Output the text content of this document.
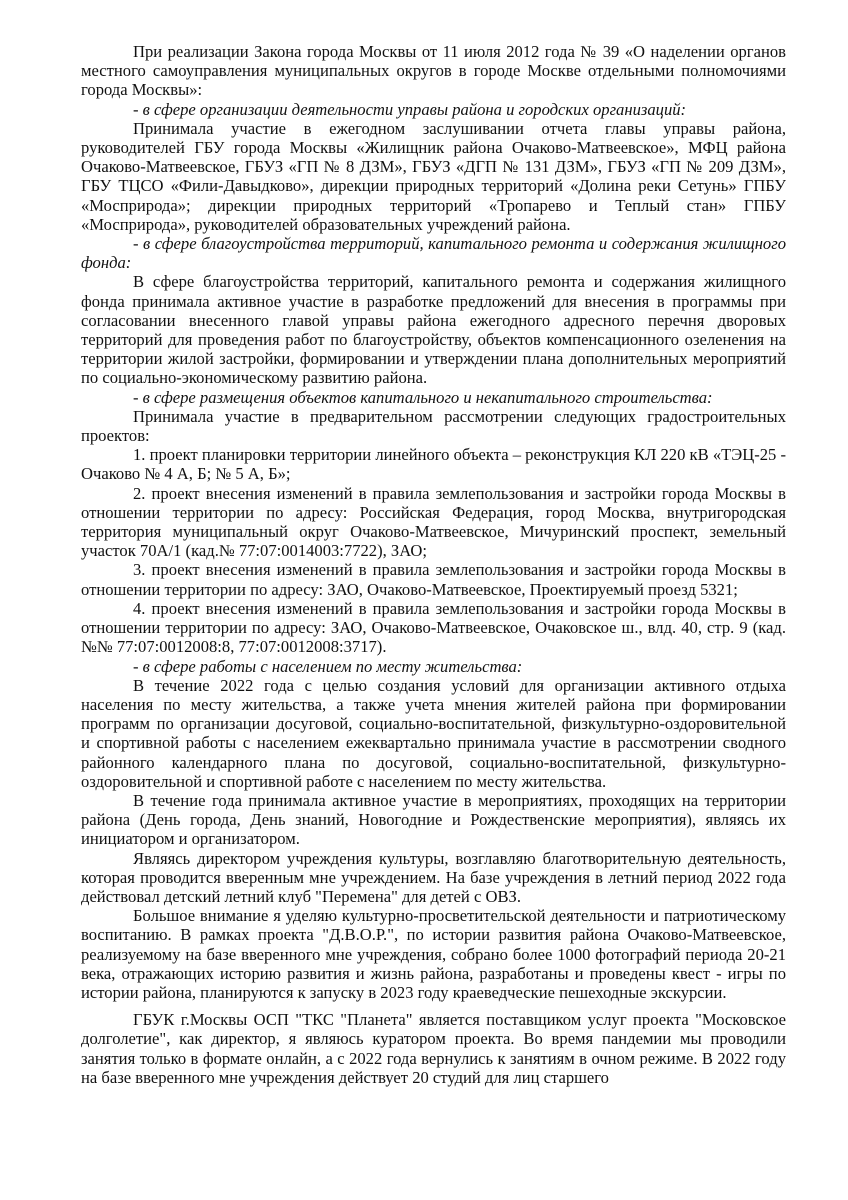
При реализации Закона города Москвы от 11 июля 2012 года № 39 «О наделении органов местного самоуправления муниципальных округов в городе Москве отдельными полномочиями города Москвы»:

- в сфере организации деятельности управы района и городских организаций:

Принимала участие в ежегодном заслушивании отчета главы управы района, руководителей ГБУ города Москвы «Жилищник района Очаково-Матвеевское», МФЦ района Очаково-Матвеевское, ГБУЗ «ГП № 8 ДЗМ», ГБУЗ «ДГП № 131 ДЗМ», ГБУЗ «ГП № 209 ДЗМ», ГБУ ТЦСО «Фили-Давыдково», дирекции природных территорий «Долина реки Сетунь» ГПБУ «Мосприрода»; дирекции природных территорий «Тропарево и Теплый стан» ГПБУ «Мосприрода», руководителей образовательных учреждений района.

- в сфере благоустройства территорий, капитального ремонта и содержания жилищного фонда:

В сфере благоустройства территорий, капитального ремонта и содержания жилищного фонда принимала активное участие в разработке предложений для внесения в программы при согласовании внесенного главой управы района ежегодного адресного перечня дворовых территорий для проведения работ по благоустройству, объектов компенсационного озеленения на территории жилой застройки, формировании и утверждении плана дополнительных мероприятий по социально-экономическому развитию района.

- в сфере размещения объектов капитального и некапитального строительства:

Принимала участие в предварительном рассмотрении следующих градостроительных проектов:

1. проект планировки территории линейного объекта – реконструкция КЛ 220 кВ «ТЭЦ-25 - Очаково № 4 А, Б; № 5 А, Б»;

2. проект внесения изменений в правила землепользования и застройки города Москвы в отношении территории по адресу: Российская Федерация, город Москва, внутригородская территория муниципальный округ Очаково-Матвеевское, Мичуринский проспект, земельный участок 70А/1 (кад.№ 77:07:0014003:7722), ЗАО;

3. проект внесения изменений в правила землепользования и застройки города Москвы в отношении территории по адресу: ЗАО, Очаково-Матвеевское, Проектируемый проезд 5321;

4. проект внесения изменений в правила землепользования и застройки города Москвы в отношении территории по адресу: ЗАО, Очаково-Матвеевское, Очаковское ш., влд. 40, стр. 9 (кад. №№ 77:07:0012008:8, 77:07:0012008:3717).

- в сфере работы с населением по месту жительства:

В течение 2022 года с целью создания условий для организации активного отдыха населения по месту жительства, а также учета мнения жителей района при формировании программ по организации досуговой, социально-воспитательной, физкультурно-оздоровительной и спортивной работы с населением ежеквартально принимала участие в рассмотрении сводного районного календарного плана по досуговой, социально-воспитательной, физкультурно-оздоровительной и спортивной работе с населением по месту жительства.

В течение года принимала активное участие в мероприятиях, проходящих на территории района (День города, День знаний, Новогодние и Рождественские мероприятия), являясь их инициатором и организатором.

Являясь директором учреждения культуры, возглавляю благотворительную деятельность, которая проводится вверенным мне учреждением. На базе учреждения в летний период 2022 года действовал детский летний клуб "Перемена" для детей с ОВЗ.

Большое внимание я уделяю культурно-просветительской деятельности и патриотическому воспитанию. В рамках проекта "Д.В.О.Р.", по истории развития района Очаково-Матвеевское, реализуемому на базе вверенного мне учреждения, собрано более 1000 фотографий периода 20-21 века, отражающих историю развития и жизнь района, разработаны и проведены квест - игры по истории района, планируются к запуску в 2023 году краеведческие пешеходные экскурсии.

ГБУК г.Москвы ОСП "ТКС "Планета" является поставщиком услуг проекта "Московское долголетие", как директор, я являюсь куратором проекта. Во время пандемии мы проводили занятия только в формате онлайн, а с 2022 года вернулись к занятиям в очном режиме. В 2022 году на базе вверенного мне учреждения действует 20 студий для лиц старшего
